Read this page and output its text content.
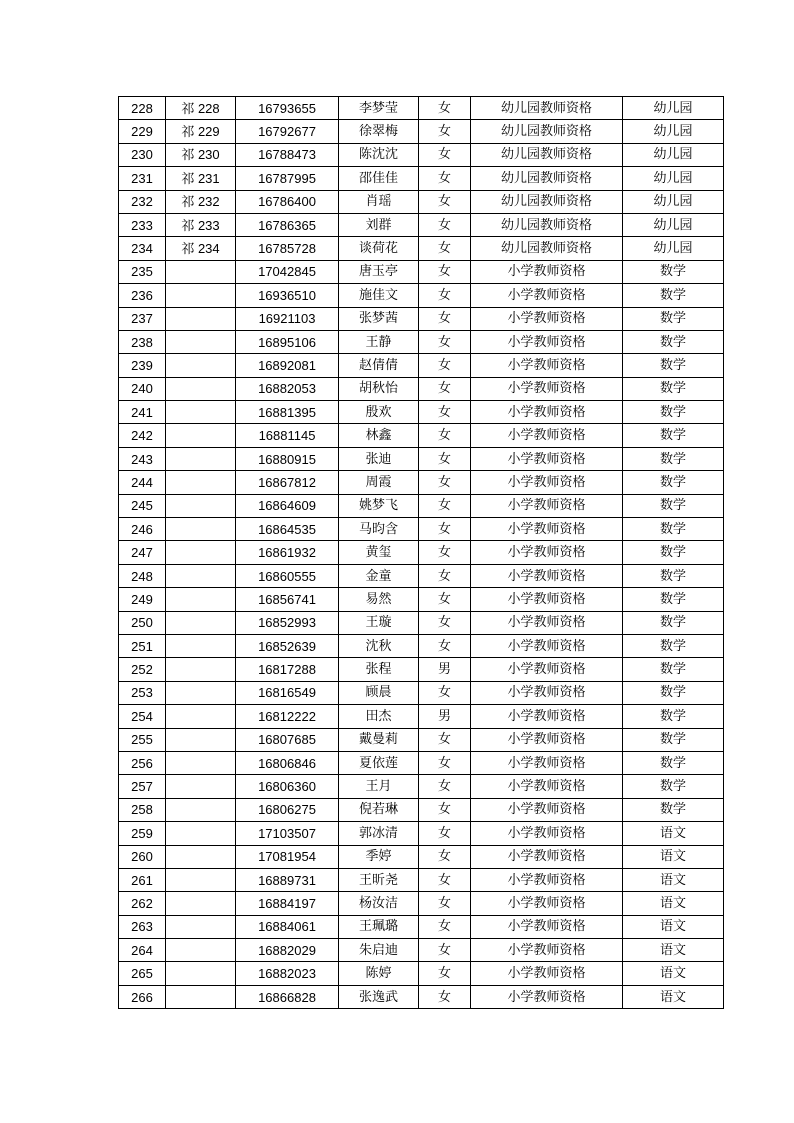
228	祁 228	16793655	李梦莹	女	幼儿园教师资格	幼儿园
229	祁 229	16792677	徐翠梅	女	幼儿园教师资格	幼儿园
230	祁 230	16788473	陈沈沈	女	幼儿园教师资格	幼儿园
231	祁 231	16787995	邵佳佳	女	幼儿园教师资格	幼儿园
232	祁 232	16786400	肖瑶	女	幼儿园教师资格	幼儿园
233	祁 233	16786365	刘群	女	幼儿园教师资格	幼儿园
234	祁 234	16785728	谈荷花	女	幼儿园教师资格	幼儿园
235		17042845	唐玉亭	女	小学教师资格	数学
236		16936510	施佳文	女	小学教师资格	数学
237		16921103	张梦茜	女	小学教师资格	数学
238		16895106	王静	女	小学教师资格	数学
239		16892081	赵倩倩	女	小学教师资格	数学
240		16882053	胡秋怡	女	小学教师资格	数学
241		16881395	殷欢	女	小学教师资格	数学
242		16881145	林鑫	女	小学教师资格	数学
243		16880915	张迪	女	小学教师资格	数学
244		16867812	周霞	女	小学教师资格	数学
245		16864609	姚梦飞	女	小学教师资格	数学
246		16864535	马昀含	女	小学教师资格	数学
247		16861932	黄玺	女	小学教师资格	数学
248		16860555	金童	女	小学教师资格	数学
249		16856741	易然	女	小学教师资格	数学
250		16852993	王璇	女	小学教师资格	数学
251		16852639	沈秋	女	小学教师资格	数学
252		16817288	张程	男	小学教师资格	数学
253		16816549	顾晨	女	小学教师资格	数学
254		16812222	田杰	男	小学教师资格	数学
255		16807685	戴曼莉	女	小学教师资格	数学
256		16806846	夏依莲	女	小学教师资格	数学
257		16806360	王月	女	小学教师资格	数学
258		16806275	倪若琳	女	小学教师资格	数学
259		17103507	郭冰清	女	小学教师资格	语文
260		17081954	季婷	女	小学教师资格	语文
261		16889731	王昕尧	女	小学教师资格	语文
262		16884197	杨汝洁	女	小学教师资格	语文
263		16884061	王珮璐	女	小学教师资格	语文
264		16882029	朱启迪	女	小学教师资格	语文
265		16882023	陈婷	女	小学教师资格	语文
266		16866828	张逸武	女	小学教师资格	语文
